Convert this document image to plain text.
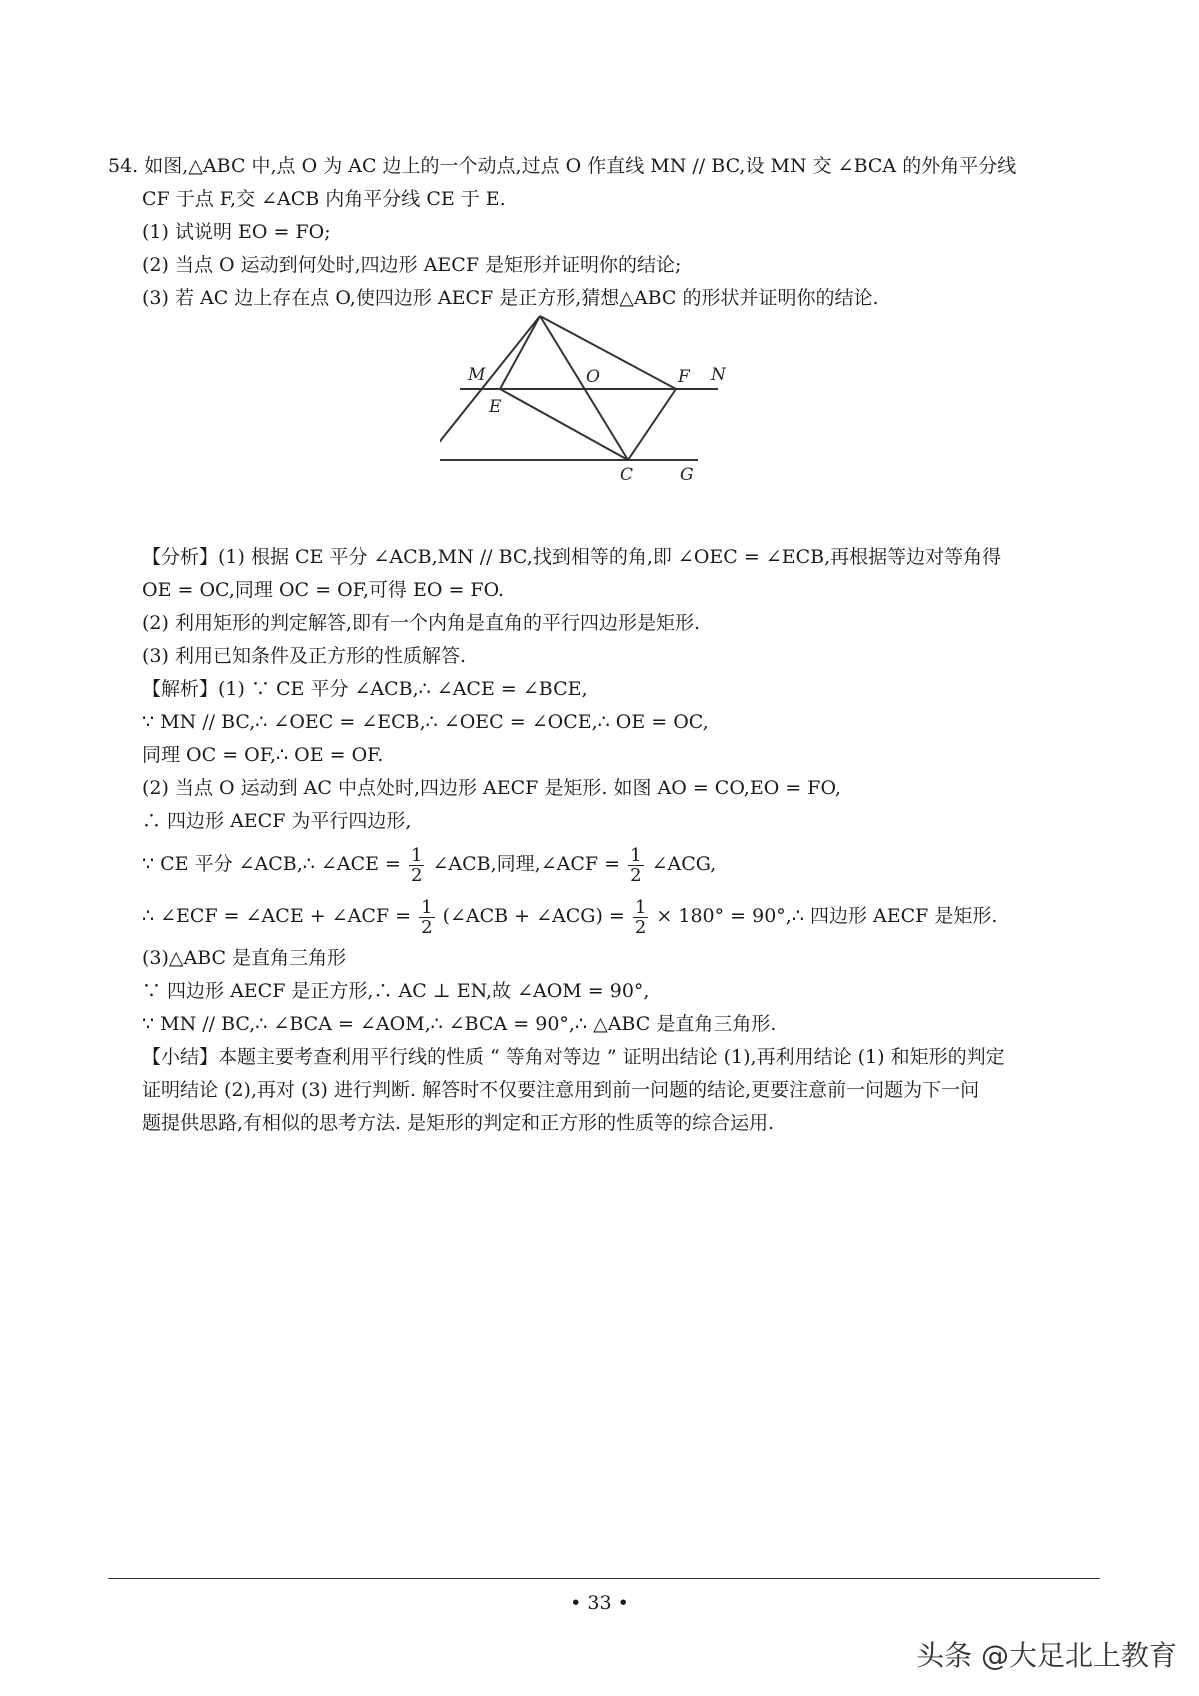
54. 如图,△ABC 中,点 O 为 AC 边上的一个动点,过点 O 作直线 MN // BC,设 MN 交 ∠BCA 的外角平分线
CF 于点 F,交 ∠ACB 内角平分线 CE 于 E.
(1) 试说明 EO = FO;
(2) 当点 O 运动到何处时,四边形 AECF 是矩形并证明你的结论;
(3) 若 AC 边上存在点 O,使四边形 AECF 是正方形,猜想△ABC 的形状并证明你的结论.
【分析】(1) 根据 CE 平分 ∠ACB,MN // BC,找到相等的角,即 ∠OEC = ∠ECB,再根据等边对等角得
OE = OC,同理 OC = OF,可得 EO = FO.
(2) 利用矩形的判定解答,即有一个内角是直角的平行四边形是矩形.
(3) 利用已知条件及正方形的性质解答.
【解析】(1) ∵ CE 平分 ∠ACB,∴ ∠ACE = ∠BCE,
∵ MN // BC,∴ ∠OEC = ∠ECB,∴ ∠OEC = ∠OCE,∴ OE = OC,
同理 OC = OF,∴ OE = OF.
(2) 当点 O 运动到 AC 中点处时,四边形 AECF 是矩形. 如图 AO = CO,EO = FO,
∴ 四边形 AECF 为平行四边形,
∵ CE 平分 ∠ACB,∴ ∠ACE = $\frac{1}{2}$ ∠ACB,同理,∠ACF = $\frac{1}{2}$ ∠ACG,
∴ ∠ECF = ∠ACE + ∠ACF = $\frac{1}{2}$ (∠ACB + ∠ACG) = $\frac{1}{2} \times 180^\circ$ = 90°,∴ 四边形 AECF 是矩形.
(3)△ABC 是直角三角形
∵ 四边形 AECF 是正方形,∴ AC ⊥ EN,故 ∠AOM = 90°,
∵ MN // BC,∴ ∠BCA = ∠AOM,∴ ∠BCA = 90°,∴ △ABC 是直角三角形.
【小结】本题主要考查利用平行线的性质 “ 等角对等边 ” 证明出结论 (1),再利用结论 (1) 和矩形的判定
证明结论 (2),再对 (3) 进行判断. 解答时不仅要注意用到前一问题的结论,更要注意前一问题为下一问
题提供思路,有相似的思考方法. 是矩形的判定和正方形的性质等的综合运用.
M	O	F N
E
C	G
• 33 •
头条 @大足北上教育
